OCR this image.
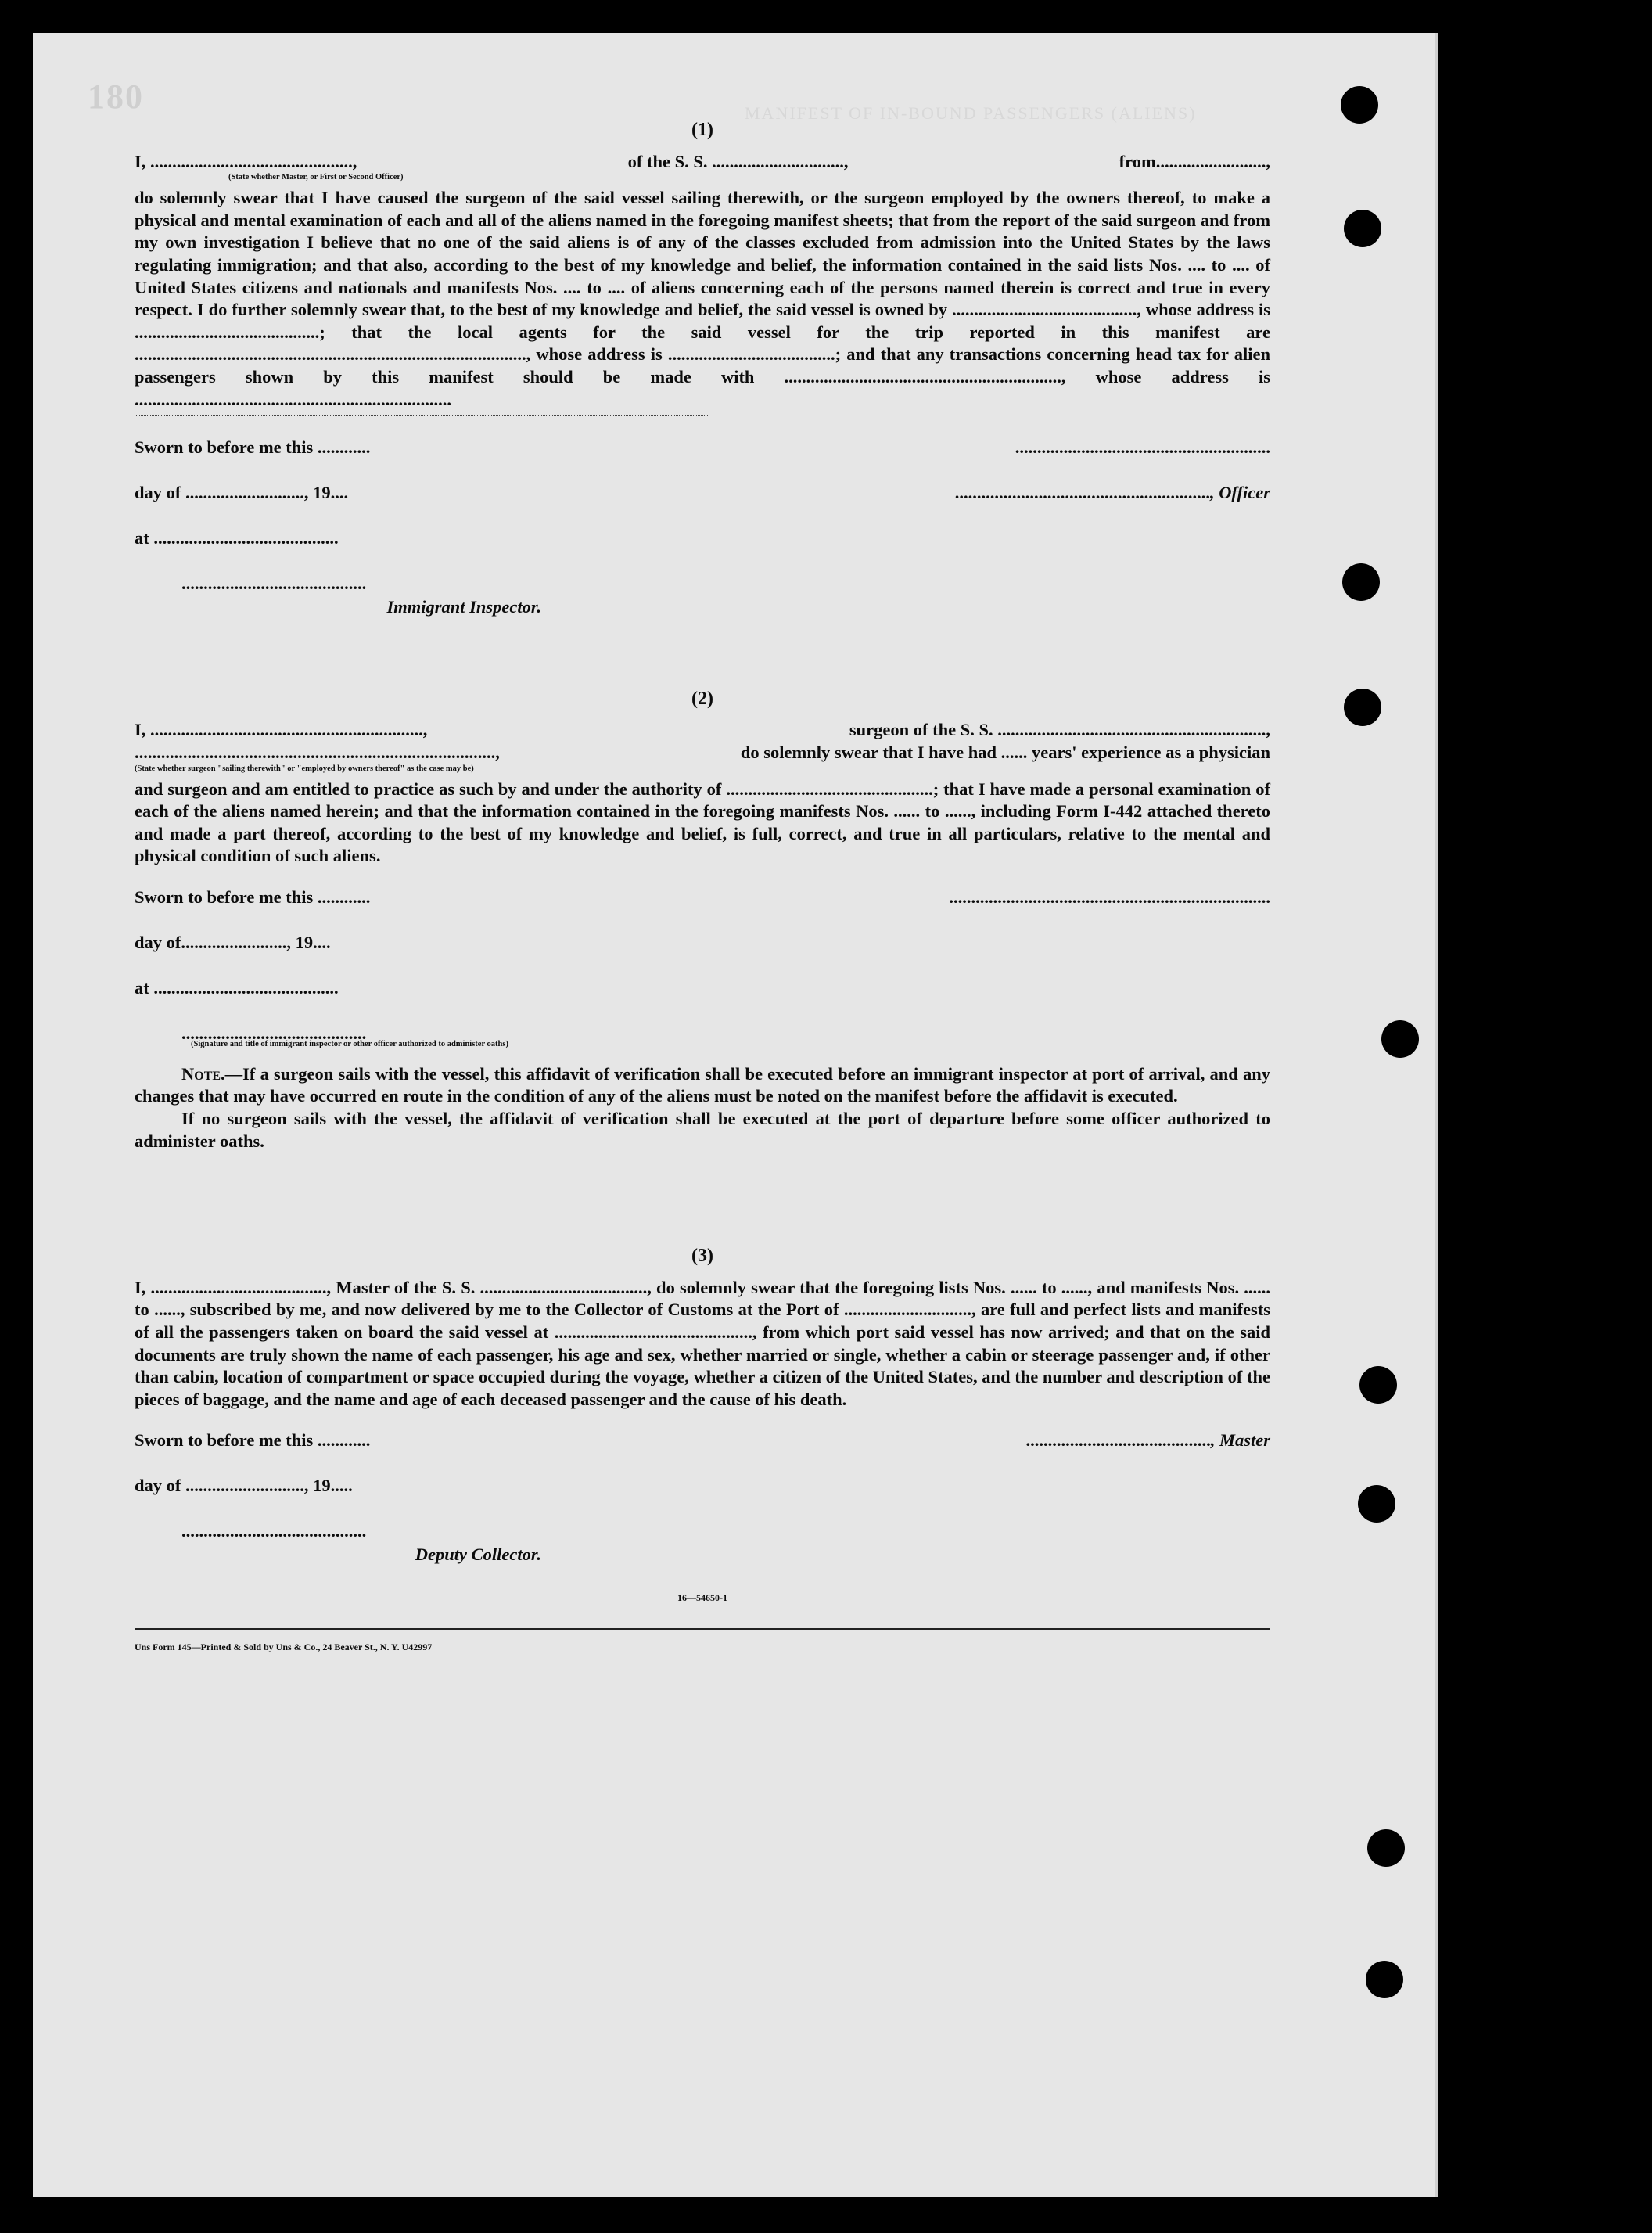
180	MANIFEST OF IN-BOUND PASSENGERS (ALIENS)

(1)

I, ..............................................,	of the S. S. ..............................,	from.........................,

(State whether Master, or First or Second Officer)

do solemnly swear that I have caused the surgeon of the said vessel sailing therewith, or the surgeon employed by the owners thereof, to make a physical and mental examination of each and all of the aliens named in the foregoing manifest sheets; that from the report of the said surgeon and from my own investigation I believe that no one of the said aliens is of any of the classes excluded from admission into the United States by the laws regulating immigration; and that also, according to the best of my knowledge and belief, the information contained in the said lists Nos. .... to .... of United States citizens and nationals and manifests Nos. .... to .... of aliens concerning each of the persons named therein is correct and true in every respect. I do further solemnly swear that, to the best of my knowledge and belief, the said vessel is owned by .........................................., whose address is ..........................................; that the local agents for the said vessel for the trip reported in this manifest are ........................................................................................., whose address is ......................................; and that any transactions concerning head tax for alien passengers shown by this manifest should be made with ..............................................................., whose address is ........................................................................

Sworn to before me this ............
day of ..........................., 19....
at ..........................................
..........................................
Immigrant Inspector.
..........................................................
.......................................................... , Officer

(2)

I, ..............................................................,	surgeon of the S. S. .............................................................,
..................................................................................,	do solemnly swear that I have had ...... years' experience as a physician

(State whether surgeon "sailing therewith" or "employed by owners thereof" as the case may be)

and surgeon and am entitled to practice as such by and under the authority of ...............................................; that I have made a personal examination of each of the aliens named herein; and that the information contained in the foregoing manifests Nos. ...... to ......, including Form I-442 attached thereto and made a part thereof, according to the best of my knowledge and belief, is full, correct, and true in all particulars, relative to the mental and physical condition of such aliens.

Sworn to before me this ............
day of........................, 19....
at ..........................................
..........................................
(Signature and title of immigrant inspector or other officer authorized to administer oaths)
.........................................................................

Note.—If a surgeon sails with the vessel, this affidavit of verification shall be executed before an immigrant inspector at port of arrival, and any changes that may have occurred en route in the condition of any of the aliens must be noted on the manifest before the affidavit is executed.

If no surgeon sails with the vessel, the affidavit of verification shall be executed at the port of departure before some officer authorized to administer oaths.

(3)

I, ........................................, Master of the S. S. ......................................, do solemnly swear that the foregoing lists Nos. ...... to ......, and manifests Nos. ...... to ......, subscribed by me, and now delivered by me to the Collector of Customs at the Port of ............................., are full and perfect lists and manifests of all the passengers taken on board the said vessel at ............................................., from which port said vessel has now arrived; and that on the said documents are truly shown the name of each passenger, his age and sex, whether married or single, whether a cabin or steerage passenger and, if other than cabin, location of compartment or space occupied during the voyage, whether a citizen of the United States, and the number and description of the pieces of baggage, and the name and age of each deceased passenger and the cause of his death.

Sworn to before me this ............
day of ..........................., 19.....
..........................................
Deputy Collector.
.......................................... , Master
16—54650-1
Uns Form 145—Printed & Sold by Uns & Co., 24 Beaver St., N. Y. U42997
